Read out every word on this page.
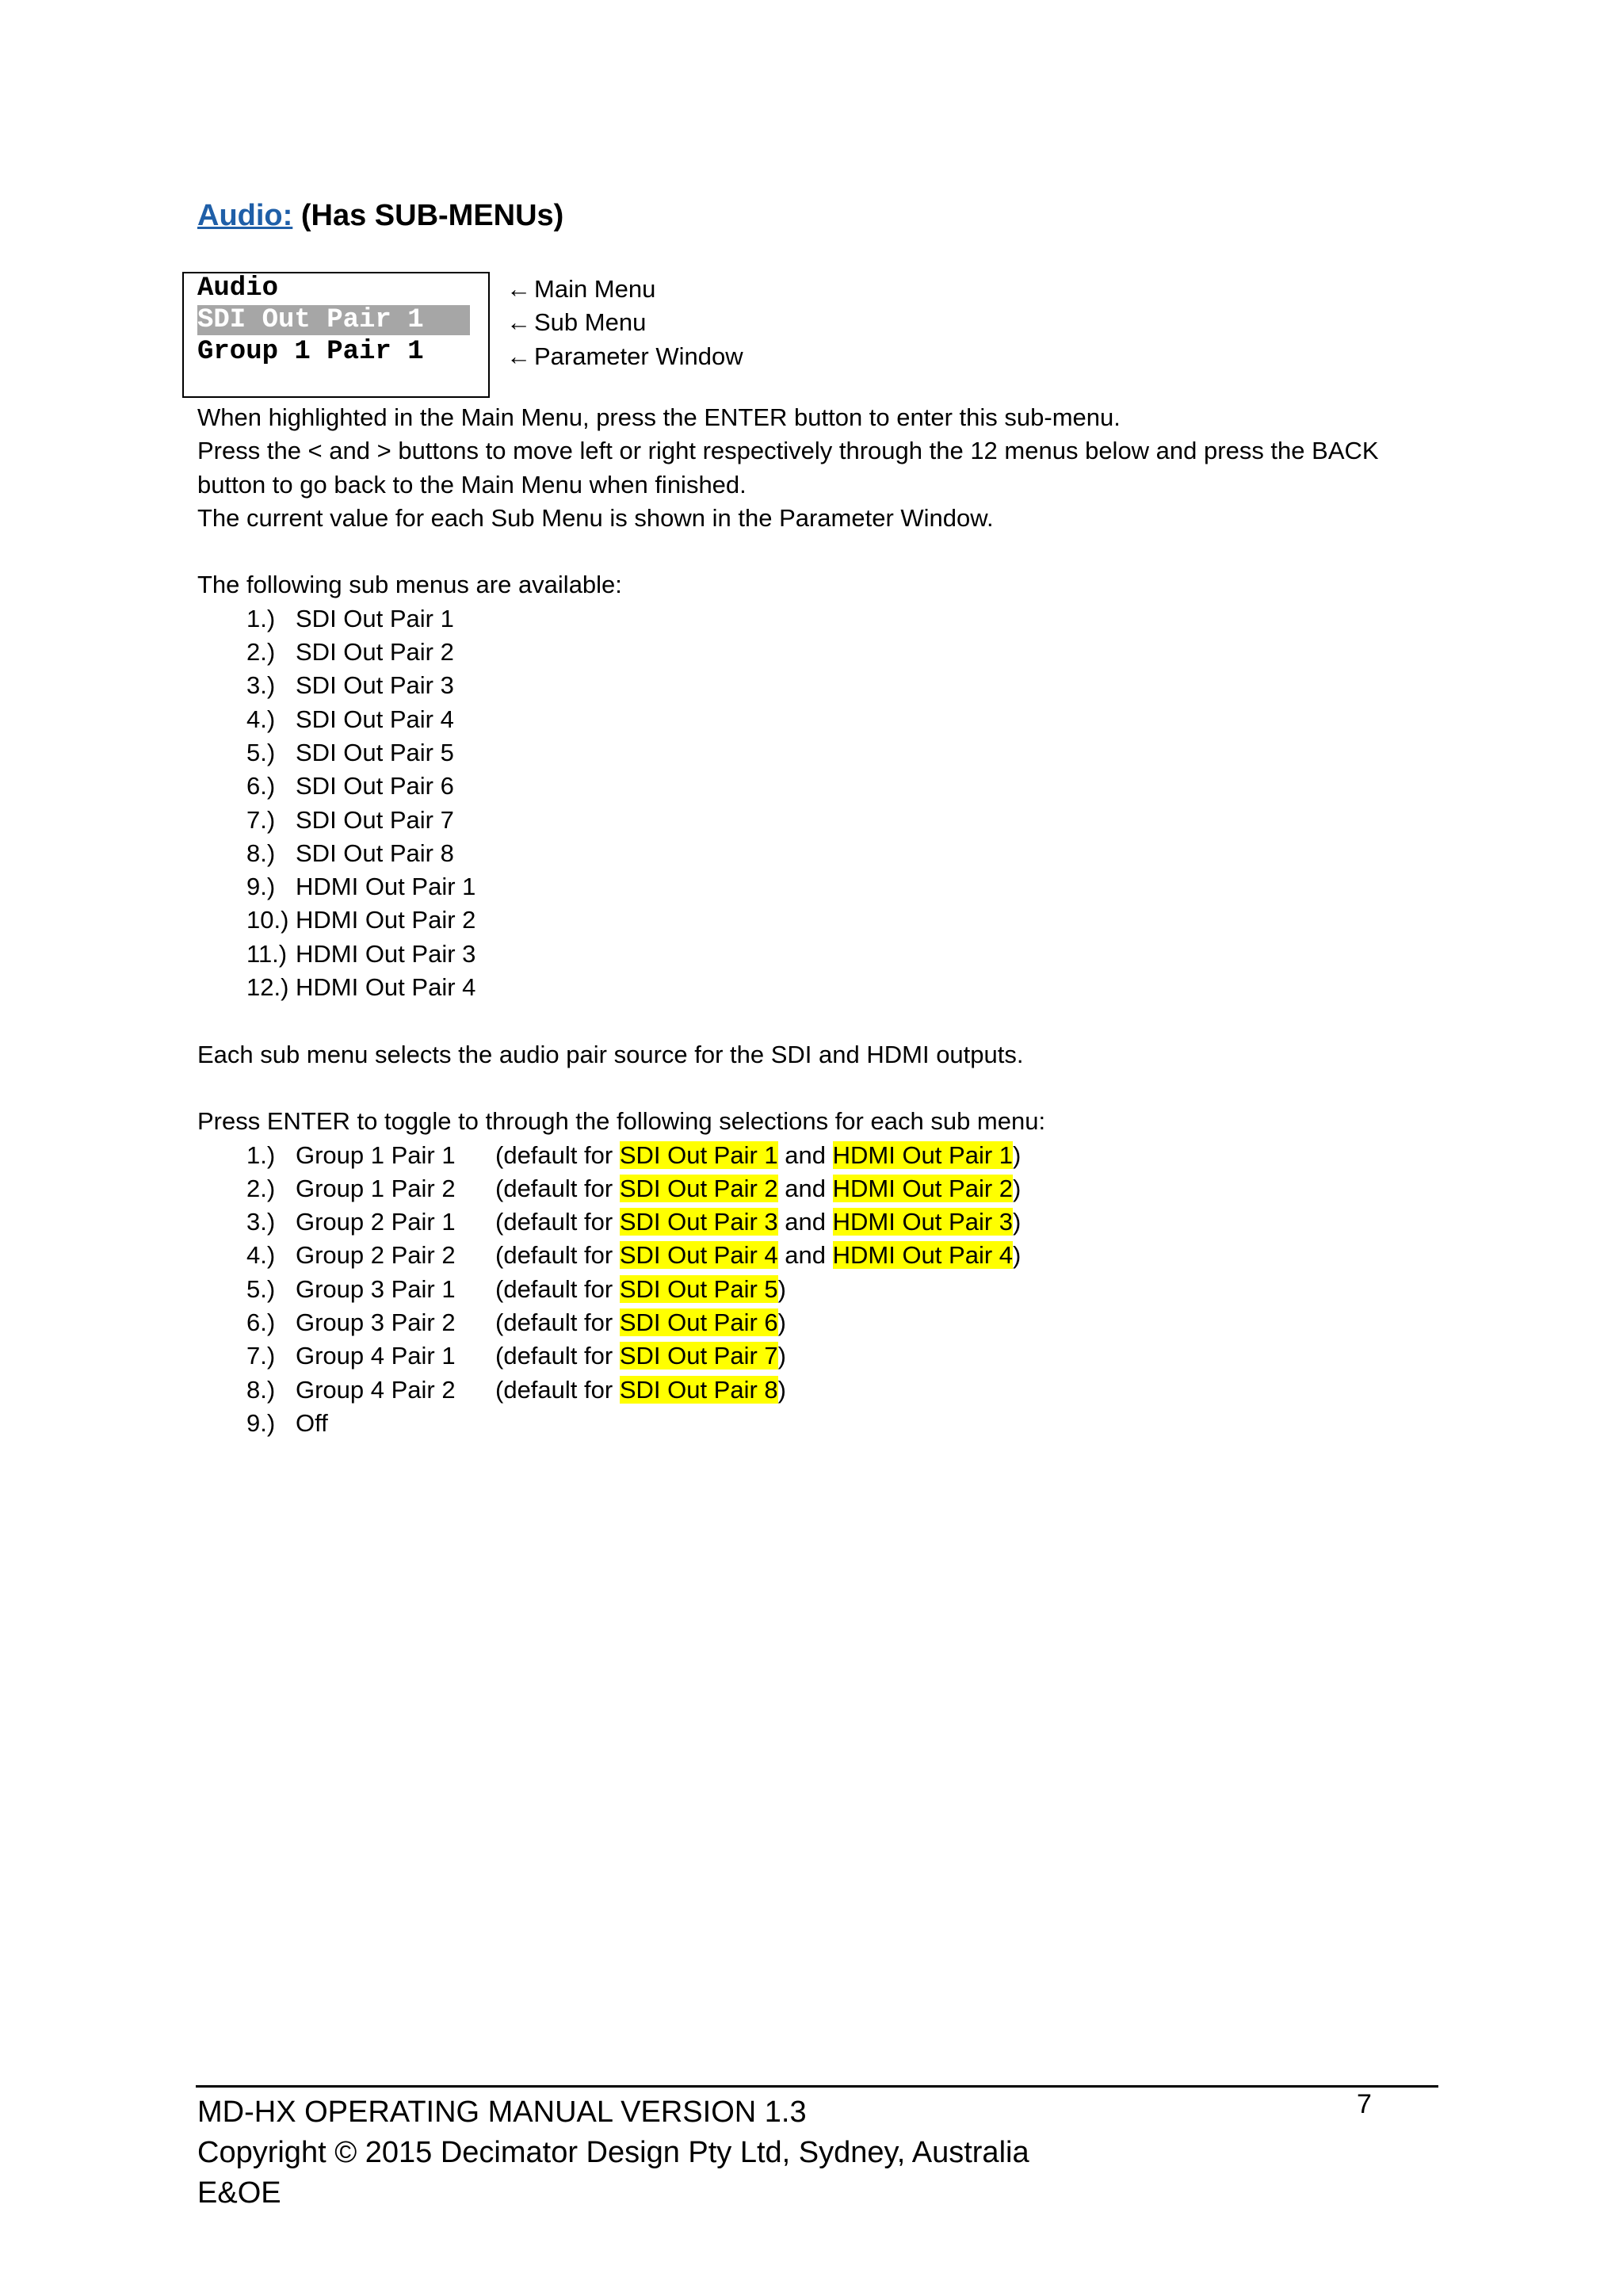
Audio: (Has SUB-MENUs)
Audio
SDI Out Pair 1
Group 1 Pair 1
← Main Menu
← Sub Menu
← Parameter Window
When highlighted in the Main Menu, press the ENTER button to enter this sub-menu.
Press the < and > buttons to move left or right respectively through the 12 menus below and press the BACK
button to go back to the Main Menu when finished.
The current value for each Sub Menu is shown in the Parameter Window.
The following sub menus are available:
1.) SDI Out Pair 1
2.) SDI Out Pair 2
3.) SDI Out Pair 3
4.) SDI Out Pair 4
5.) SDI Out Pair 5
6.) SDI Out Pair 6
7.) SDI Out Pair 7
8.) SDI Out Pair 8
9.) HDMI Out Pair 1
10.) HDMI Out Pair 2
11.) HDMI Out Pair 3
12.) HDMI Out Pair 4
Each sub menu selects the audio pair source for the SDI and HDMI outputs.
Press ENTER to toggle to through the following selections for each sub menu:
1.) Group 1 Pair 1 (default for SDI Out Pair 1 and HDMI Out Pair 1)
2.) Group 1 Pair 2 (default for SDI Out Pair 2 and HDMI Out Pair 2)
3.) Group 2 Pair 1 (default for SDI Out Pair 3 and HDMI Out Pair 3)
4.) Group 2 Pair 2 (default for SDI Out Pair 4 and HDMI Out Pair 4)
5.) Group 3 Pair 1 (default for SDI Out Pair 5)
6.) Group 3 Pair 2 (default for SDI Out Pair 6)
7.) Group 4 Pair 1 (default for SDI Out Pair 7)
8.) Group 4 Pair 2 (default for SDI Out Pair 8)
9.) Off
MD-HX OPERATING MANUAL VERSION 1.3
Copyright © 2015 Decimator Design Pty Ltd, Sydney, Australia
E&OE
7
